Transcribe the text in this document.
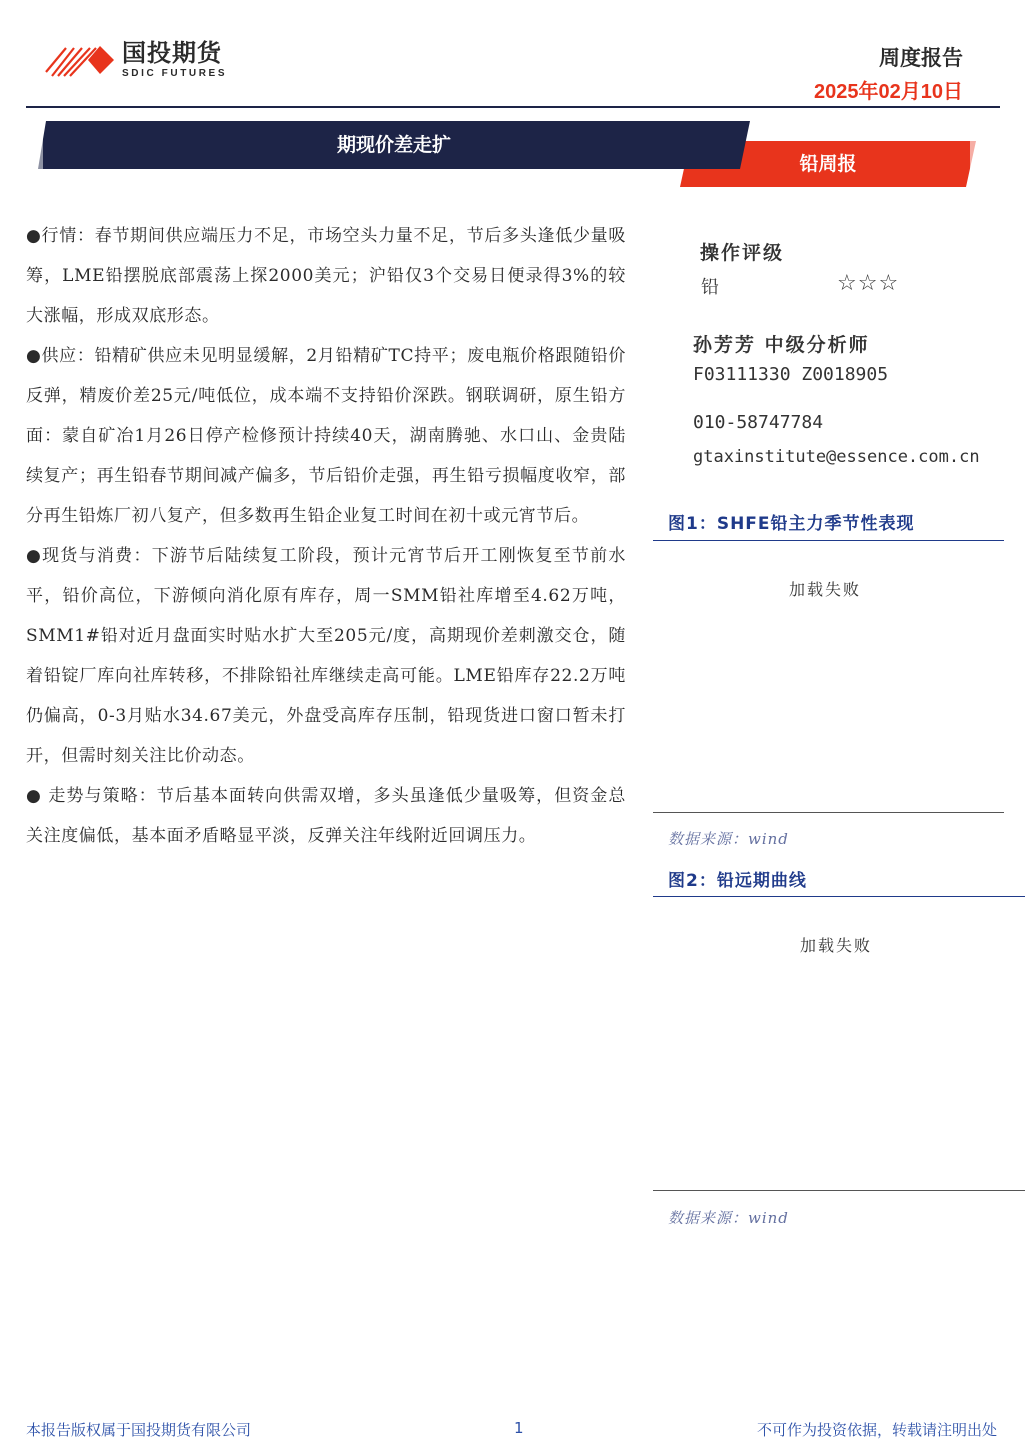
国投期货
SDIC FUTURES
周度报告
2025年02月10日
期现价差走扩
铅周报

●行情：春节期间供应端压力不足，市场空头力量不足，节后多头逢低少量吸筹，LME铅摆脱底部震荡上探2000美元；沪铅仅3个交易日便录得3%的较大涨幅，形成双底形态。

●供应：铅精矿供应未见明显缓解，2月铅精矿TC持平；废电瓶价格跟随铅价反弹，精废价差25元/吨低位，成本端不支持铅价深跌。钢联调研，原生铅方面：蒙自矿冶1月26日停产检修预计持续40天，湖南腾驰、水口山、金贵陆续复产；再生铅春节期间减产偏多，节后铅价走强，再生铅亏损幅度收窄，部分再生铅炼厂初八复产，但多数再生铅企业复工时间在初十或元宵节后。

●现货与消费：下游节后陆续复工阶段，预计元宵节后开工刚恢复至节前水平，铅价高位，下游倾向消化原有库存，周一SMM铅社库增至4.62万吨， SMM1#铅对近月盘面实时贴水扩大至205元/度，高期现价差刺激交仓，随着铅锭厂库向社库转移，不排除铅社库继续走高可能。LME铅库存22.2万吨仍偏高，0-3月贴水34.67美元，外盘受高库存压制，铅现货进口窗口暂未打开，但需时刻关注比价动态。

● 走势与策略：节后基本面转向供需双增，多头虽逢低少量吸筹，但资金总关注度偏低，基本面矛盾略显平淡，反弹关注年线附近回调压力。

操作评级
铅	☆☆☆
孙芳芳 中级分析师
F03111330 Z0018905
010-58747784
gtaxinstitute@essence.com.cn
图1：SHFE铅主力季节性表现
加载失败
数据来源：wind
图2：铅远期曲线
加载失败
数据来源：wind
本报告版权属于国投期货有限公司	1	不可作为投资依据，转载请注明出处
